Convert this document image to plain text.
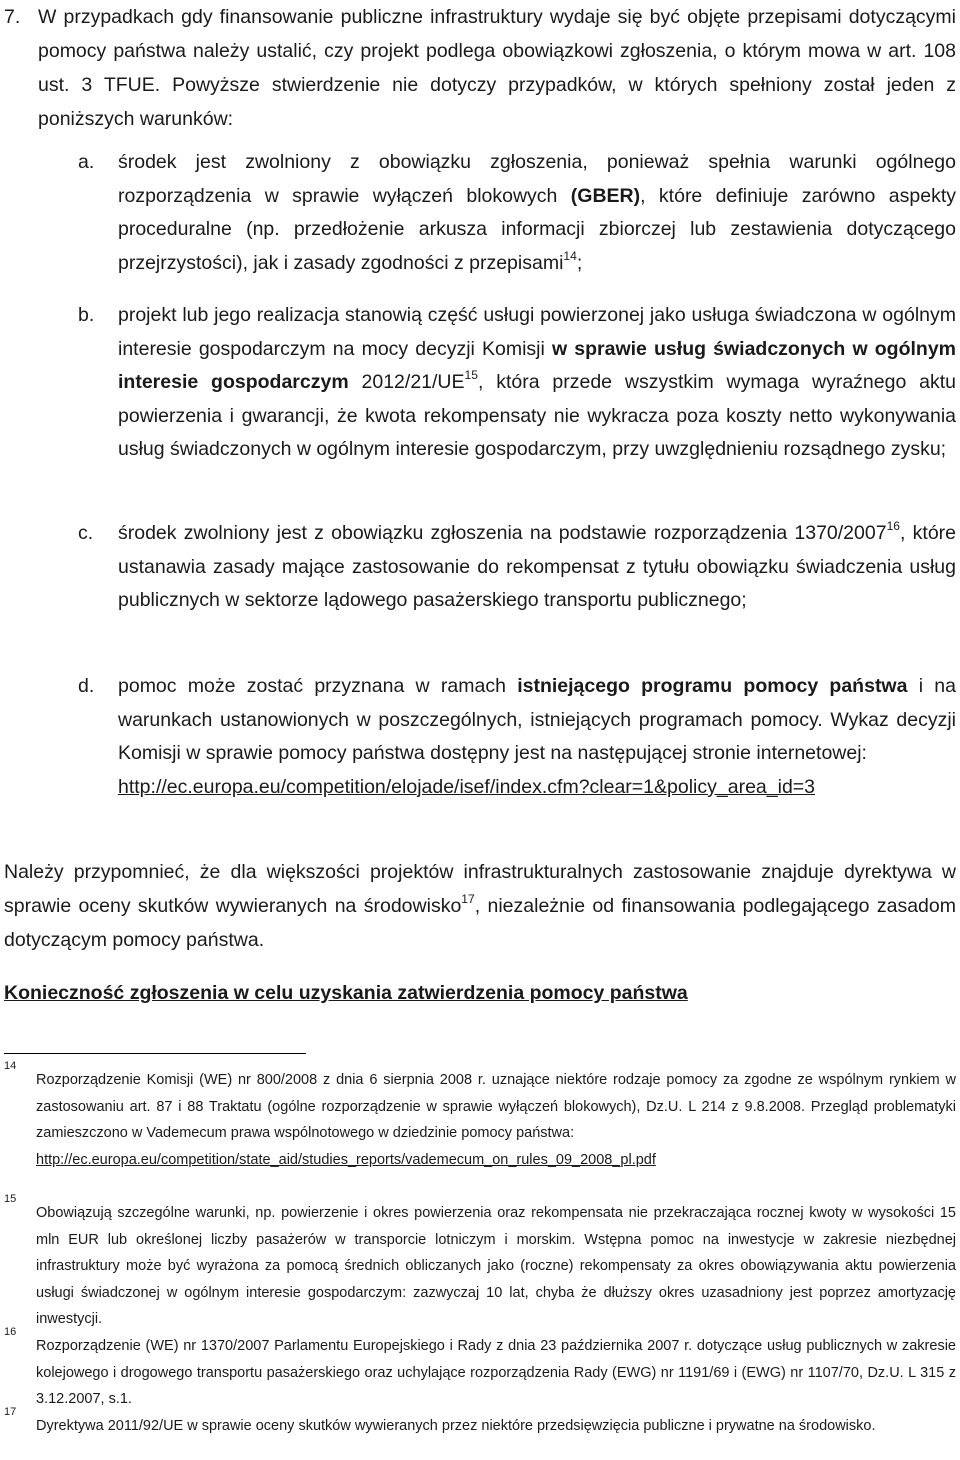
7. W przypadkach gdy finansowanie publiczne infrastruktury wydaje się być objęte przepisami dotyczącymi pomocy państwa należy ustalić, czy projekt podlega obowiązkowi zgłoszenia, o którym mowa w art. 108 ust. 3 TFUE. Powyższe stwierdzenie nie dotyczy przypadków, w których spełniony został jeden z poniższych warunków:

a. środek jest zwolniony z obowiązku zgłoszenia, ponieważ spełnia warunki ogólnego rozporządzenia w sprawie wyłączeń blokowych (GBER), które definiuje zarówno aspekty proceduralne (np. przedłożenie arkusza informacji zbiorczej lub zestawienia dotyczącego przejrzystości), jak i zasady zgodności z przepisami$^{14}$;

b. projekt lub jego realizacja stanowią część usługi powierzonej jako usługa świadczona w ogólnym interesie gospodarczym na mocy decyzji Komisji w sprawie usług świadczonych w ogólnym interesie gospodarczym 2012/21/UE$^{15}$, która przede wszystkim wymaga wyraźnego aktu powierzenia i gwarancji, że kwota rekompensaty nie wykracza poza koszty netto wykonywania usług świadczonych w ogólnym interesie gospodarczym, przy uwzględnieniu rozsądnego zysku;

c. środek zwolniony jest z obowiązku zgłoszenia na podstawie rozporządzenia 1370/2007$^{16}$, które ustanawia zasady mające zastosowanie do rekompensat z tytułu obowiązku świadczenia usług publicznych w sektorze lądowego pasażerskiego transportu publicznego;

d. pomoc może zostać przyznana w ramach istniejącego programu pomocy państwa i na warunkach ustanowionych w poszczególnych, istniejących programach pomocy. Wykaz decyzji Komisji w sprawie pomocy państwa dostępny jest na następującej stronie internetowej:

http://ec.europa.eu/competition/elojade/isef/index.cfm?clear=1&policy_area_id=3

Należy przypomnieć, że dla większości projektów infrastrukturalnych zastosowanie znajduje dyrektywa w sprawie oceny skutków wywieranych na środowisko$^{17}$, niezależnie od finansowania podlegającego zasadom dotyczącym pomocy państwa.

Konieczność zgłoszenia w celu uzyskania zatwierdzenia pomocy państwa
14

Rozporządzenie Komisji (WE) nr 800/2008 z dnia 6 sierpnia 2008 r. uznające niektóre rodzaje pomocy za zgodne ze wspólnym rynkiem w zastosowaniu art. 87 i 88 Traktatu (ogólne rozporządzenie w sprawie wyłączeń blokowych), Dz.U. L 214 z 9.8.2008. Przegląd problematyki zamieszczono w Vademecum prawa wspólnotowego w dziedzinie pomocy państwa:

http://ec.europa.eu/competition/state_aid/studies_reports/vademecum_on_rules_09_2008_pl.pdf

15

Obowiązują szczególne warunki, np. powierzenie i okres powierzenia oraz rekompensata nie przekraczająca rocznej kwoty w wysokości 15 mln EUR lub określonej liczby pasażerów w transporcie lotniczym i morskim. Wstępna pomoc na inwestycje w zakresie niezbędnej infrastruktury może być wyrażona za pomocą średnich obliczanych jako (roczne) rekompensaty za okres obowiązywania aktu powierzenia usługi świadczonej w ogólnym interesie gospodarczym: zazwyczaj 10 lat, chyba że dłuższy okres uzasadniony jest poprzez amortyzację inwestycji.

16

Rozporządzenie (WE) nr 1370/2007 Parlamentu Europejskiego i Rady z dnia 23 października 2007 r. dotyczące usług publicznych w zakresie kolejowego i drogowego transportu pasażerskiego oraz uchylające rozporządzenia Rady (EWG) nr 1191/69 i (EWG) nr 1107/70, Dz.U. L 315 z 3.12.2007, s.1.

17

Dyrektywa 2011/92/UE w sprawie oceny skutków wywieranych przez niektóre przedsięwzięcia publiczne i prywatne na środowisko.
